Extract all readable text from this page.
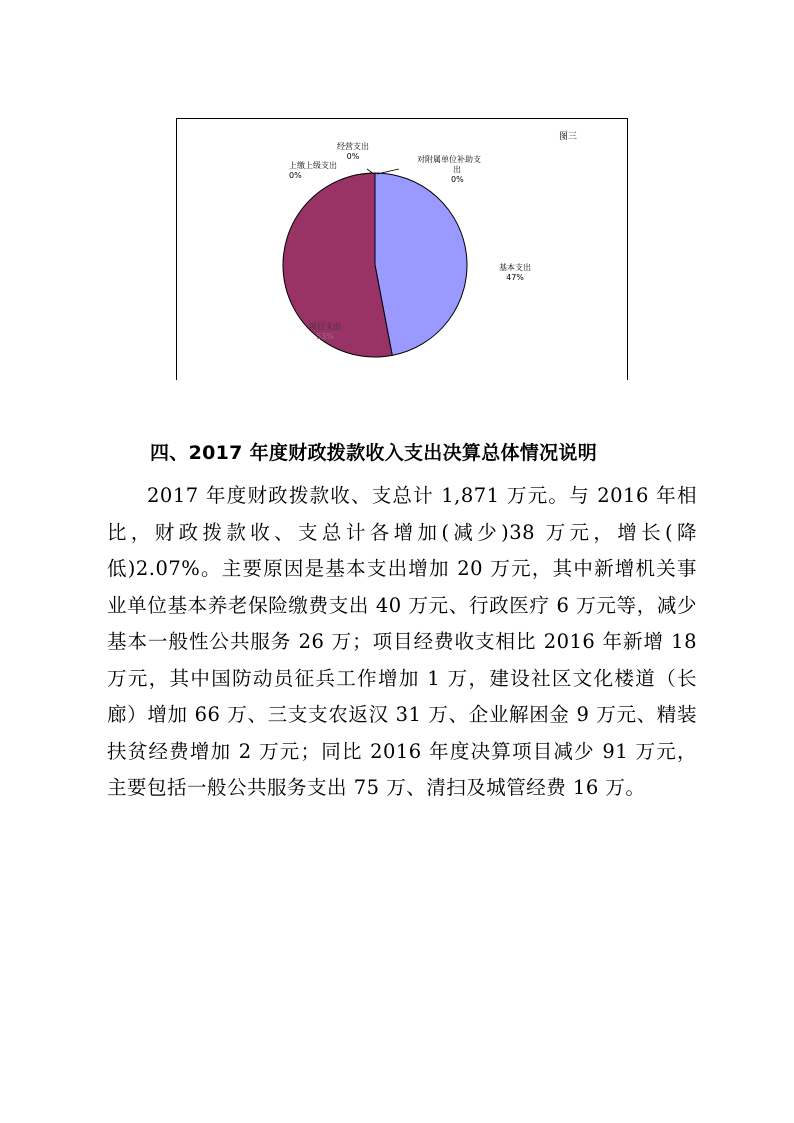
图三
经营支出
0%
上缴上级支出
0%
对附属单位补助支
出
0%
基本支出
47%
项目支出
53%
四、2017 年度财政拨款收入支出决算总体情况说明
2017 年度财政拨款收、支总计 1,871 万元。与 2016 年相比，财政拨款收、支总计各增加(减少)38 万元，增长(降低)2.07%。主要原因是基本支出增加 20 万元，其中新增机关事业单位基本养老保险缴费支出 40 万元、行政医疗 6 万元等，减少基本一般性公共服务 26 万；项目经费收支相比 2016 年新增 18 万元，其中国防动员征兵工作增加 1 万，建设社区文化楼道（长廊）增加 66 万、三支支农返汉 31 万、企业解困金 9 万元、精装扶贫经费增加 2 万元；同比 2016 年度决算项目减少 91 万元，主要包括一般公共服务支出 75 万、清扫及城管经费 16 万。
